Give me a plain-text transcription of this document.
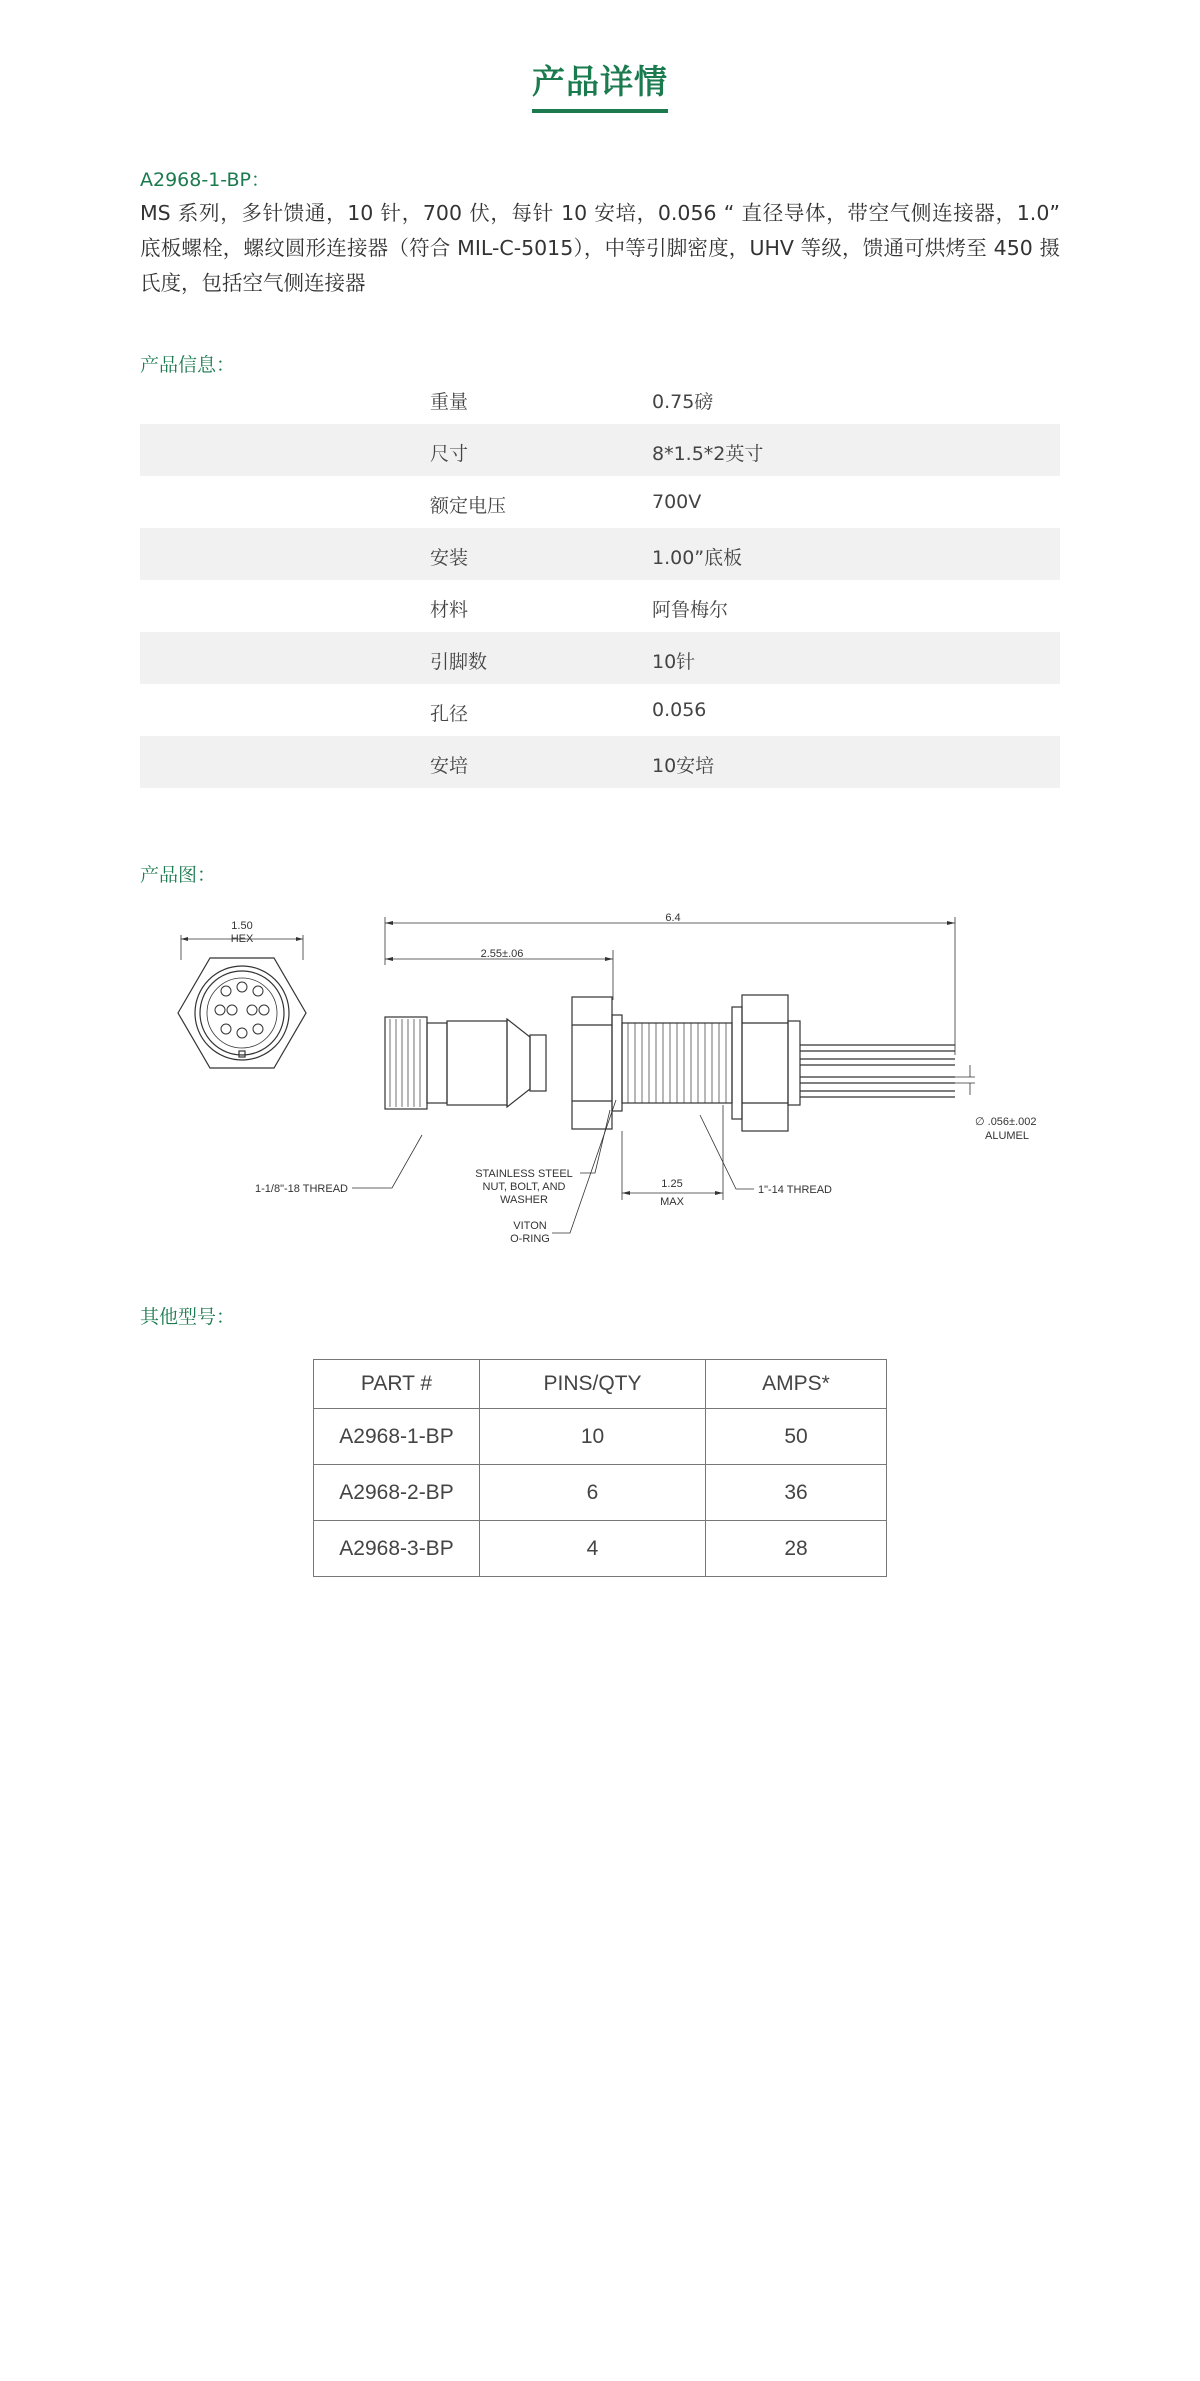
产品详情
A2968-1-BP：
MS 系列，多针馈通，10 针，700 伏，每针 10 安培，0.056 “ 直径导体，带空气侧连接器，1.0” 底板螺栓，螺纹圆形连接器（符合 MIL-C-5015），中等引脚密度，UHV 等级，馈通可烘烤至 450 摄氏度，包括空气侧连接器
产品信息：
重量	0.75磅
尺寸	8*1.5*2英寸
额定电压	700V
安装	1.00”底板
材料	阿鲁梅尔
引脚数	10针
孔径	0.056
安培	10安培
产品图：
1.50
HEX
6.4
2.55±.06
∅ .056±.002
ALUMEL
1.25
MAX
1-1/8"-18 THREAD
STAINLESS STEEL
NUT, BOLT, AND
WASHER
1"-14 THREAD
VITON
O-RING
其他型号：
PART #	PINS/QTY	AMPS*
A2968-1-BP	10	50
A2968-2-BP	6	36
A2968-3-BP	4	28
